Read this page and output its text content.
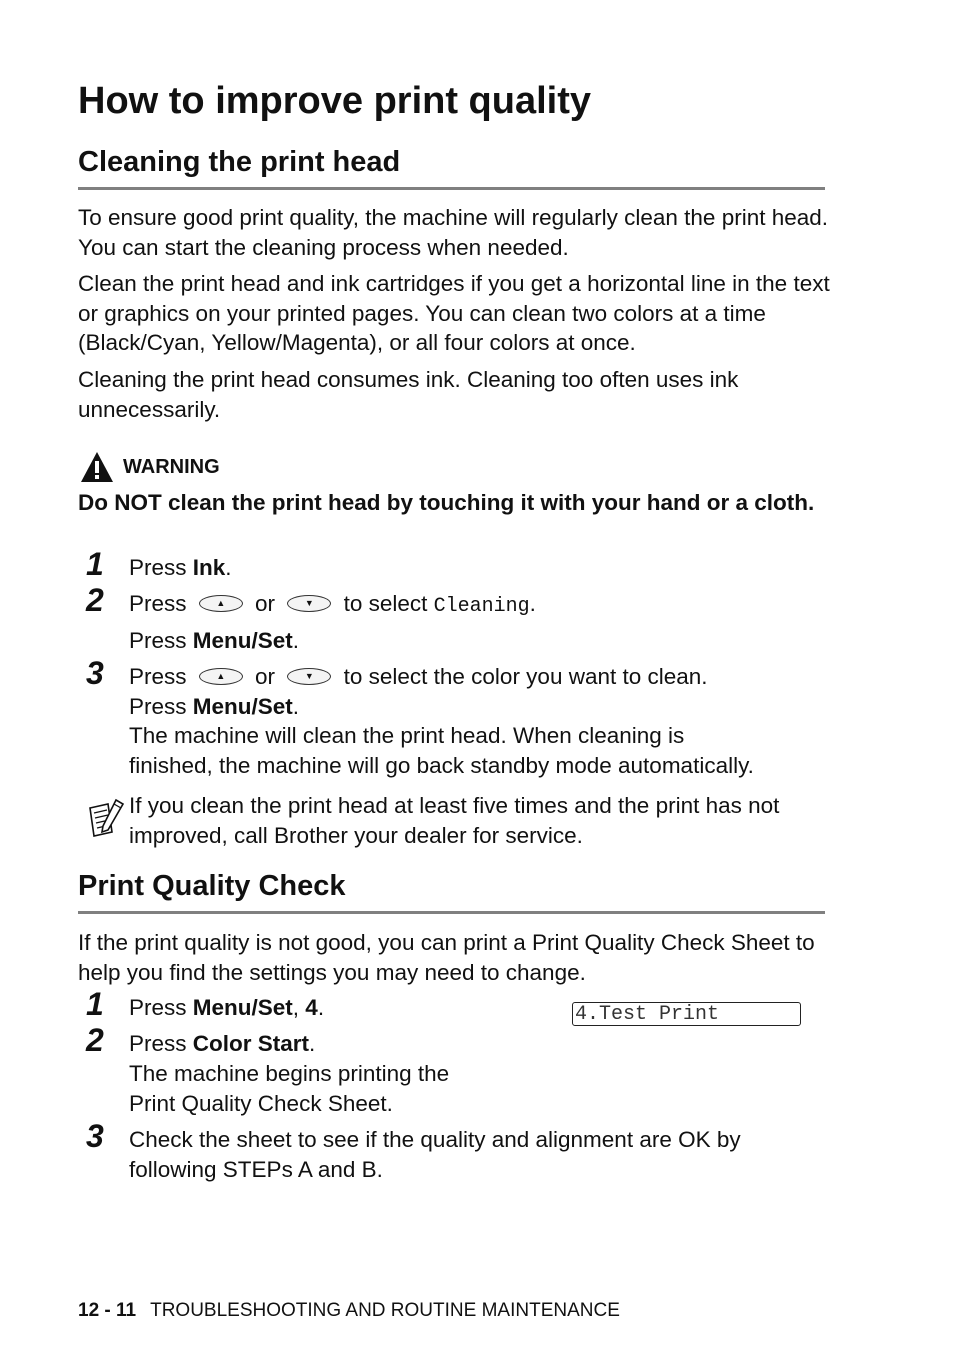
How to improve print quality
Cleaning the print head
To ensure good print quality, the machine will regularly clean the print head. You can start the cleaning process when needed.
Clean the print head and ink cartridges if you get a horizontal line in the text or graphics on your printed pages. You can clean two colors at a time (Black/Cyan, Yellow/Magenta), or all four colors at once.
Cleaning the print head consumes ink. Cleaning too often uses ink unnecessarily.
WARNING
Do NOT clean the print head by touching it with your hand or a cloth.
1 Press Ink.
2 Press	▲	or	▼	to select Cleaning.
Press Menu/Set.
3 Press	▲	or	▼	to select the color you want to clean.
Press Menu/Set.
The machine will clean the print head. When cleaning is
finished, the machine will go back standby mode automatically.
If you clean the print head at least five times and the print has not improved, call Brother your dealer for service.
Print Quality Check
If the print quality is not good, you can print a Print Quality Check Sheet to help you find the settings you may need to change.
1 Press Menu/Set, 4.	4.Test Print
2 Press Color Start.
The machine begins printing the
Print Quality Check Sheet.
3 Check the sheet to see if the quality and alignment are OK by
following STEPs A and B.
12 - 11 TROUBLESHOOTING AND ROUTINE MAINTENANCE
